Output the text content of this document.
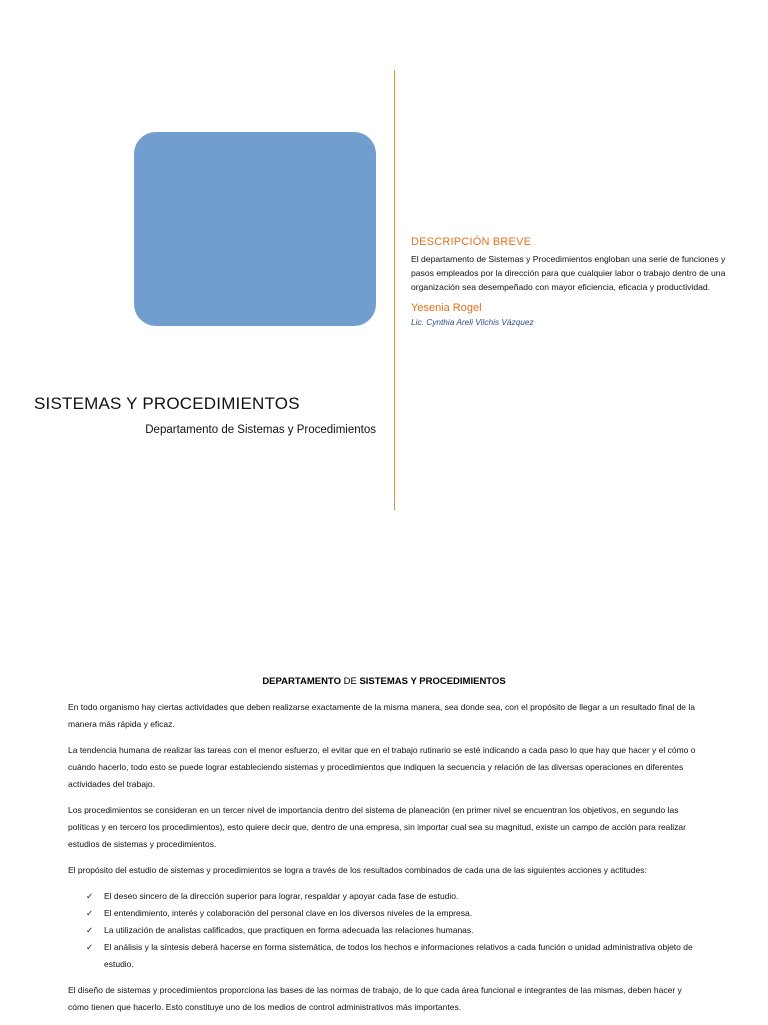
DESCRIPCIÓN BREVE

El departamento de Sistemas y Procedimientos engloban una serie de funciones y pasos empleados por la dirección para que cualquier labor o trabajo dentro de una organización sea desempeñado con mayor eficiencia, eficacia y productividad.

Yesenia Rogel

Lic. Cynthia Areli Vilchis Vázquez

SISTEMAS Y PROCEDIMIENTOS

Departamento de Sistemas y Procedimientos

DEPARTAMENTO DE SISTEMAS Y PROCEDIMIENTOS

En todo organismo hay ciertas actividades que deben realizarse exactamente de la misma manera, sea donde sea, con el propósito de llegar a un resultado final de la manera más rápida y eficaz.

La tendencia humana de realizar las tareas con el menor esfuerzo, el evitar que en el trabajo rutinario se esté indicando a cada paso lo que hay que hacer y el cómo o cuándo hacerlo, todo esto se puede lograr estableciendo sistemas y procedimientos que indiquen la secuencia y relación de las diversas operaciones en diferentes actividades del trabajo.

Los procedimientos se consideran en un tercer nivel de importancia dentro del sistema de planeación (en primer nivel se encuentran los objetivos, en segundo las políticas y en tercero los procedimientos), esto quiere decir que, dentro de una empresa, sin importar cual sea su magnitud, existe un campo de acción para realizar estudios de sistemas y procedimientos.

El propósito del estudio de sistemas y procedimientos se logra a través de los resultados combinados de cada una de las siguientes acciones y actitudes:

✓ El deseo sincero de la dirección superior para lograr, respaldar y apoyar cada fase de estudio.
✓ El entendimiento, interés y colaboración del personal clave en los diversos niveles de la empresa.
✓ La utilización de analistas calificados, que practiquen en forma adecuada las relaciones humanas.
✓ El análisis y la síntesis deberá hacerse en forma sistemática, de todos los hechos e informaciones relativos a cada función o unidad administrativa objeto de estudio.

El diseño de sistemas y procedimientos proporciona las bases de las normas de trabajo, de lo que cada área funcional e integrantes de las mismas, deben hacer y cómo tienen que hacerlo. Esto constituye uno de los medios de control administrativos más importantes.
